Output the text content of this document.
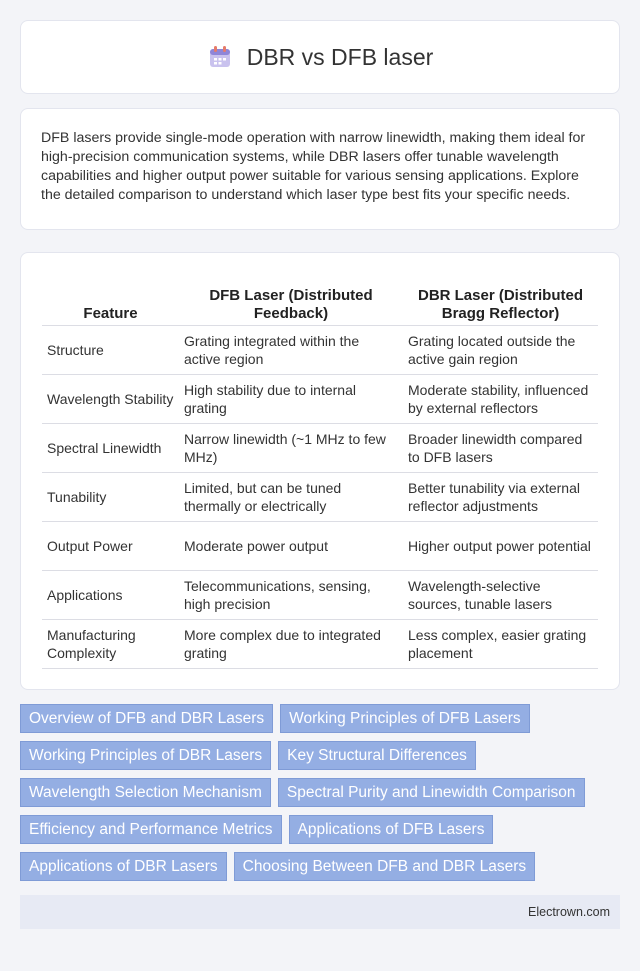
DBR vs DFB laser

DFB lasers provide single-mode operation with narrow linewidth, making them ideal for high-precision communication systems, while DBR lasers offer tunable wavelength capabilities and higher output power suitable for various sensing applications. Explore the detailed comparison to understand which laser type best fits your specific needs.

Feature	DFB Laser (Distributed Feedback)	DBR Laser (Distributed Bragg Reflector)
Structure	Grating integrated within the active region	Grating located outside the active gain region
Wavelength Stability	High stability due to internal grating	Moderate stability, influenced by external reflectors
Spectral Linewidth	Narrow linewidth (~1 MHz to few MHz)	Broader linewidth compared to DFB lasers
Tunability	Limited, but can be tuned thermally or electrically	Better tunability via external reflector adjustments
Output Power	Moderate power output	Higher output power potential
Applications	Telecommunications, sensing, high precision	Wavelength-selective sources, tunable lasers
Manufacturing Complexity	More complex due to integrated grating	Less complex, easier grating placement
Overview of DFB and DBR Lasers	Working Principles of DFB Lasers
Working Principles of DBR Lasers	Key Structural Differences
Wavelength Selection Mechanism	Spectral Purity and Linewidth Comparison
Efficiency and Performance Metrics	Applications of DFB Lasers
Applications of DBR Lasers	Choosing Between DFB and DBR Lasers
Electrown.com
